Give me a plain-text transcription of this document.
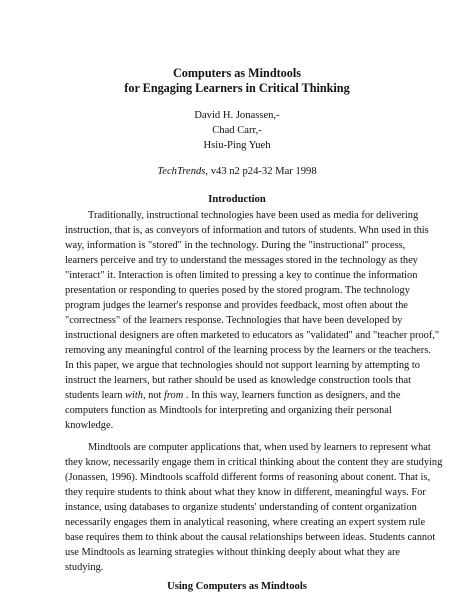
Computers as Mindtools
for Engaging Learners in Critical Thinking
David H. Jonassen,-
Chad Carr,-
Hsiu-Ping Yueh
TechTrends, v43 n2 p24-32 Mar 1998
Introduction
Traditionally, instructional technologies have been used as media for delivering
instruction, that is, as conveyors of information and tutors of students. Whn used in this
way, information is "stored" in the technology. During the "instructional" process,
learners perceive and try to understand the messages stored in the technology as they
"interact" it. Interaction is often limited to pressing a key to continue the information
presentation or responding to queries posed by the stored program. The technology
program judges the learner's response and provides feedback, most often about the
"correctness" of the learners response. Technologies that have been developed by
instructional designers are often marketed to educators as "validated" and "teacher proof,"
removing any meaningful control of the learning process by the learners or the teachers.
In this paper, we argue that technologies should not support learning by attempting to
instruct the learners, but rather should be used as knowledge construction tools that
students learn with, not from . In this way, learners function as designers, and the
computers function as Mindtools for interpreting and organizing their personal
knowledge.
Mindtools are computer applications that, when used by learners to represent what
they know, necessarily engage them in critical thinking about the content they are studying
(Jonassen, 1996). Mindtools scaffold different forms of reasoning about conent. That is,
they require students to think about what they know in different, meaningful ways. For
instance, using databases to organize students' understanding of content organization
necessarily engages them in analytical reasoning, where creating an expert system rule
base requires them to think about the causal relationships between ideas. Students cannot
use Mindtools as learning strategies without thinking deeply about what they are
studying.
Using Computers as Mindtools
